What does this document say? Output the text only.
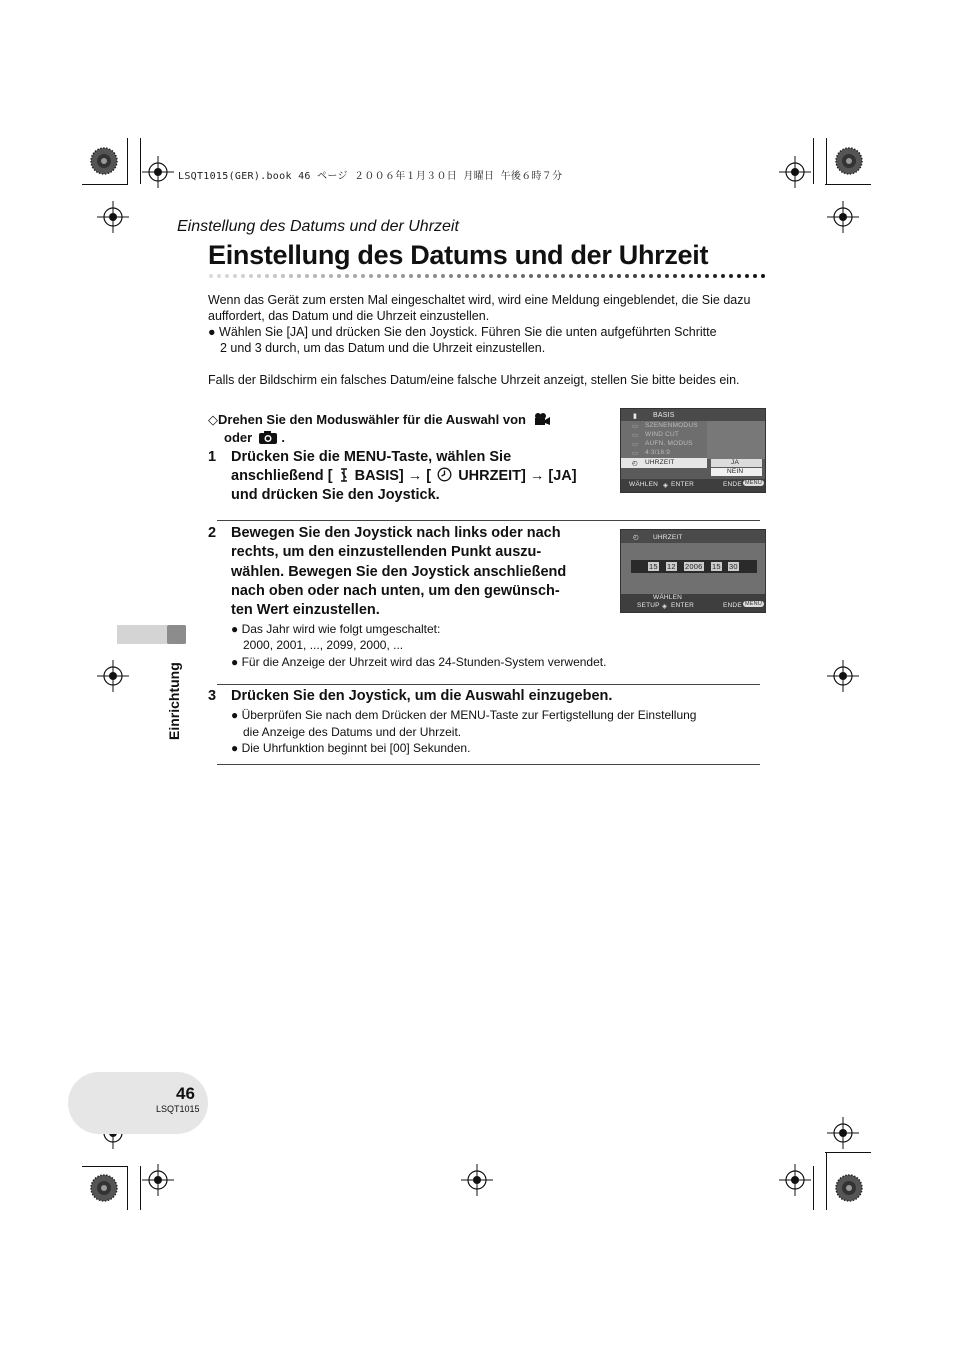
LSQT1015(GER).book 46 ページ ２００６年１月３０日 月曜日 午後６時７分
Einstellung des Datums und der Uhrzeit
Einstellung des Datums und der Uhrzeit
Wenn das Gerät zum ersten Mal eingeschaltet wird, wird eine Meldung eingeblendet, die Sie dazu
auffordert, das Datum und die Uhrzeit einzustellen.
● Wählen Sie [JA] und drücken Sie den Joystick. Führen Sie die unten aufgeführten Schritte
2 und 3 durch, um das Datum und die Uhrzeit einzustellen.
Falls der Bildschirm ein falsches Datum/eine falsche Uhrzeit anzeigt, stellen Sie bitte beides ein.
◇Drehen Sie den Moduswähler für die Auswahl von
oder  .
1 Drücken Sie die MENU-Taste, wählen Sie
anschließend [ BASIS] → [ UHRZEIT] → [JA]
und drücken Sie den Joystick.
▮ BASIS
▭ SZENENMODUS
▭ WIND CUT
▭ AUFN. MODUS
▭ 4:3/16:9
◴ UHRZEIT	JA
NEIN
WÄHLEN ◈ ENTER	ENDE MENU
2 Bewegen Sie den Joystick nach links oder nach
rechts, um den einzustellenden Punkt auszu-
wählen. Bewegen Sie den Joystick anschließend
nach oben oder nach unten, um den gewünsch-
ten Wert einzustellen.
● Das Jahr wird wie folgt umgeschaltet:
2000, 2001, ..., 2099, 2000, ...
● Für die Anzeige der Uhrzeit wird das 24-Stunden-System verwendet.
◴ UHRZEIT
15 12 2006 15 30
WÄHLEN
SETUP ◈ ENTER	ENDE MENU
3 Drücken Sie den Joystick, um die Auswahl einzugeben.
● Überprüfen Sie nach dem Drücken der MENU-Taste zur Fertigstellung der Einstellung
die Anzeige des Datums und der Uhrzeit.
● Die Uhrfunktion beginnt bei [00] Sekunden.
Einrichtung
46
LSQT1015
